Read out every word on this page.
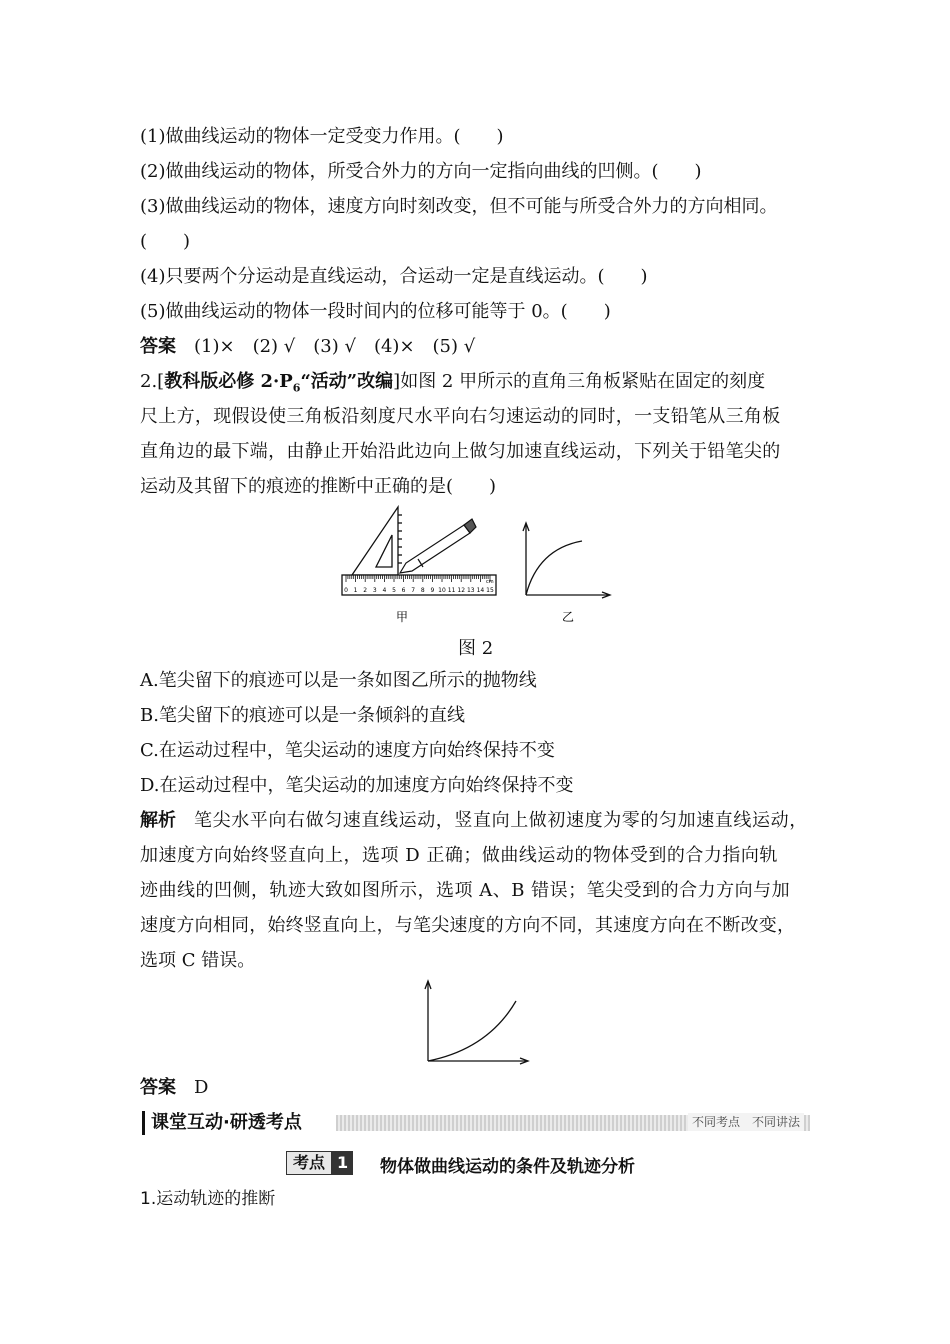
(1)做曲线运动的物体一定受变力作用。(　　)
(2)做曲线运动的物体，所受合外力的方向一定指向曲线的凹侧。(　　)
(3)做曲线运动的物体，速度方向时刻改变，但不可能与所受合外力的方向相同。
(　　)
(4)只要两个分运动是直线运动，合运动一定是直线运动。(　　)
(5)做曲线运动的物体一段时间内的位移可能等于 0。(　　)
答案 (1)×　(2) √　(3) √　(4)×　(5) √
2.[教科版必修 $2\cdot P_6“$活动”改编]如图 2 甲所示的直角三角板紧贴在固定的刻度
尺上方，现假设使三角板沿刻度尺水平向右匀速运动的同时，一支铅笔从三角板
直角边的最下端，由静止开始沿此边向上做匀加速直线运动，下列关于铅笔尖的
运动及其留下的痕迹的推断中正确的是(　　)
cm
0 1 2 3 4 5 6 7 8 9 10 11 12 13 14 15
甲	乙
图 2
A.笔尖留下的痕迹可以是一条如图乙所示的抛物线
B.笔尖留下的痕迹可以是一条倾斜的直线
C.在运动过程中，笔尖运动的速度方向始终保持不变
D.在运动过程中，笔尖运动的加速度方向始终保持不变
解析 笔尖水平向右做匀速直线运动，竖直向上做初速度为零的匀加速直线运动，
加速度方向始终竖直向上，选项 D 正确；做曲线运动的物体受到的合力指向轨
迹曲线的凹侧，轨迹大致如图所示，选项 A、B 错误；笔尖受到的合力方向与加
速度方向相同，始终竖直向上，与笔尖速度的方向不同，其速度方向在不断改变，
选项 C 错误。
答案 D
课堂互动·研透考点	不同考点　不同讲法
考点 1 物体做曲线运动的条件及轨迹分析
1.运动轨迹的推断
